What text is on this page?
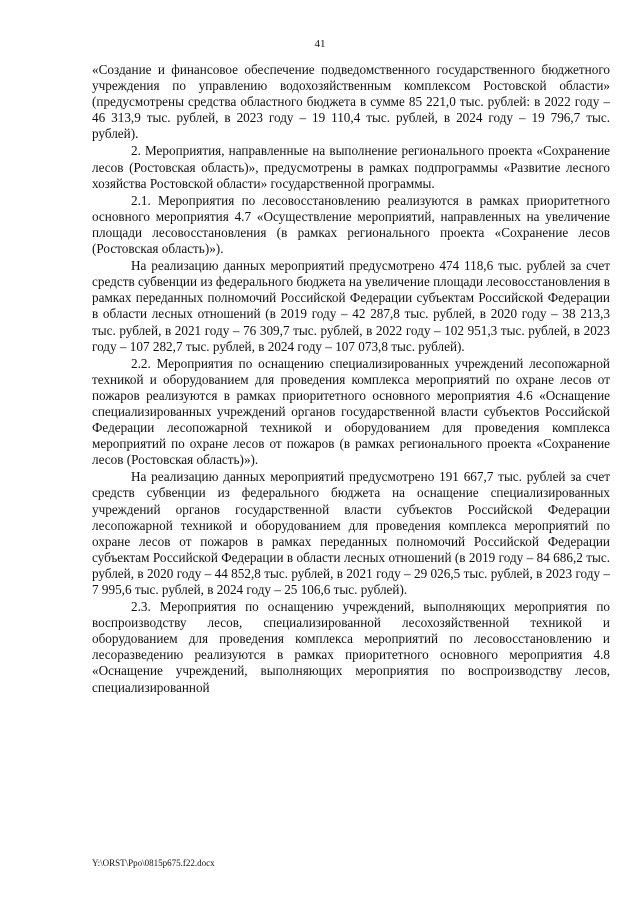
41

«Создание и финансовое обеспечение подведомственного государственного бюджетного учреждения по управлению водохозяйственным комплексом Ростовской области» (предусмотрены средства областного бюджета в сумме 85 221,0 тыс. рублей: в 2022 году – 46 313,9 тыс. рублей, в 2023 году – 19 110,4 тыс. рублей, в 2024 году – 19 796,7 тыс. рублей).

2. Мероприятия, направленные на выполнение регионального проекта «Сохранение лесов (Ростовская область)», предусмотрены в рамках подпрограммы «Развитие лесного хозяйства Ростовской области» государственной программы.

2.1. Мероприятия по лесовосстановлению реализуются в рамках приоритетного основного мероприятия 4.7 «Осуществление мероприятий, направленных на увеличение площади лесовосстановления (в рамках регионального проекта «Сохранение лесов (Ростовская область)»).

На реализацию данных мероприятий предусмотрено 474 118,6 тыс. рублей за счет средств субвенции из федерального бюджета на увеличение площади лесовосстановления в рамках переданных полномочий Российской Федерации субъектам Российской Федерации в области лесных отношений (в 2019 году – 42 287,8 тыс. рублей, в 2020 году – 38 213,3 тыс. рублей, в 2021 году – 76 309,7 тыс. рублей, в 2022 году – 102 951,3 тыс. рублей, в 2023 году – 107 282,7 тыс. рублей, в 2024 году – 107 073,8 тыс. рублей).

2.2. Мероприятия по оснащению специализированных учреждений лесопожарной техникой и оборудованием для проведения комплекса мероприятий по охране лесов от пожаров реализуются в рамках приоритетного основного мероприятия 4.6 «Оснащение специализированных учреждений органов государственной власти субъектов Российской Федерации лесопожарной техникой и оборудованием для проведения комплекса мероприятий по охране лесов от пожаров (в рамках регионального проекта «Сохранение лесов (Ростовская область)»).

На реализацию данных мероприятий предусмотрено 191 667,7 тыс. рублей за счет средств субвенции из федерального бюджета на оснащение специализированных учреждений органов государственной власти субъектов Российской Федерации лесопожарной техникой и оборудованием для проведения комплекса мероприятий по охране лесов от пожаров в рамках переданных полномочий Российской Федерации субъектам Российской Федерации в области лесных отношений (в 2019 году – 84 686,2 тыс. рублей, в 2020 году – 44 852,8 тыс. рублей, в 2021 году – 29 026,5 тыс. рублей, в 2023 году – 7 995,6 тыс. рублей, в 2024 году – 25 106,6 тыс. рублей).

2.3. Мероприятия по оснащению учреждений, выполняющих мероприятия по воспроизводству лесов, специализированной лесохозяйственной техникой и оборудованием для проведения комплекса мероприятий по лесовосстановлению и лесоразведению реализуются в рамках приоритетного основного мероприятия 4.8 «Оснащение учреждений, выполняющих мероприятия по воспроизводству лесов, специализированной

Y:\ORST\Ppo\0815p675.f22.docx
